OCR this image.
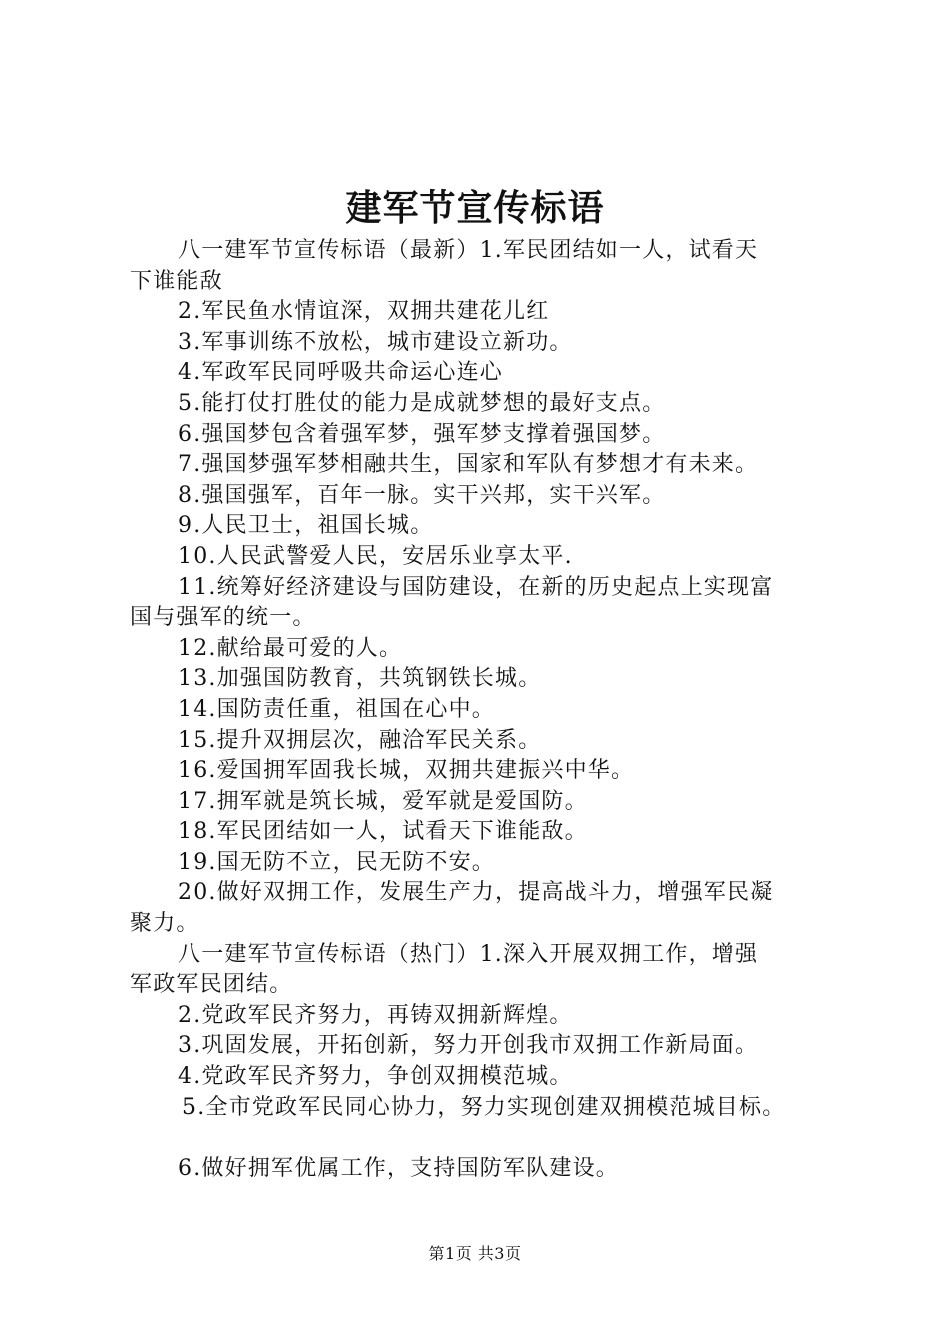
建军节宣传标语
八一建军节宣传标语（最新）1.军民团结如一人，试看天
下谁能敌
2.军民鱼水情谊深，双拥共建花儿红
3.军事训练不放松，城市建设立新功。
4.军政军民同呼吸共命运心连心
5.能打仗打胜仗的能力是成就梦想的最好支点。
6.强国梦包含着强军梦，强军梦支撑着强国梦。
7.强国梦强军梦相融共生，国家和军队有梦想才有未来。
8.强国强军，百年一脉。实干兴邦，实干兴军。
9.人民卫士，祖国长城。
10.人民武警爱人民，安居乐业享太平.
11.统筹好经济建设与国防建设，在新的历史起点上实现富
国与强军的统一。
12.献给最可爱的人。
13.加强国防教育，共筑钢铁长城。
14.国防责任重，祖国在心中。
15.提升双拥层次，融洽军民关系。
16.爱国拥军固我长城，双拥共建振兴中华。
17.拥军就是筑长城，爱军就是爱国防。
18.军民团结如一人，试看天下谁能敌。
19.国无防不立，民无防不安。
20.做好双拥工作，发展生产力，提高战斗力，增强军民凝
聚力。
八一建军节宣传标语（热门）1.深入开展双拥工作，增强
军政军民团结。
2.党政军民齐努力，再铸双拥新辉煌。
3.巩固发展，开拓创新，努力开创我市双拥工作新局面。
4.党政军民齐努力，争创双拥模范城。
5.全市党政军民同心协力，努力实现创建双拥模范城目标。
6.做好拥军优属工作，支持国防军队建设。
第1页 共3页
